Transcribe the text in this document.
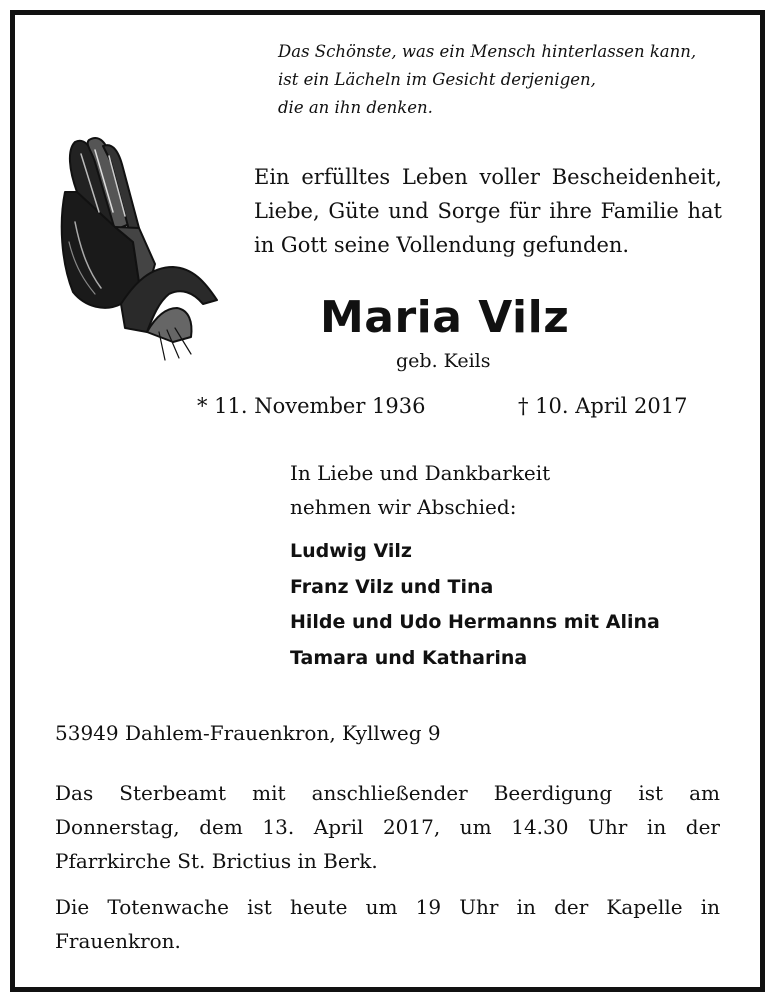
Das Schönste, was ein Mensch hinterlassen kann,
ist ein Lächeln im Gesicht derjenigen,
die an ihn denken.
Ein erfülltes Leben voller Bescheidenheit, Liebe, Güte und Sorge für ihre Familie hat in Gott seine Vollendung gefunden.
Maria Vilz
geb. Keils
* 11. November 1936	† 10. April 2017
In Liebe und Dankbarkeit
nehmen wir Abschied:
Ludwig Vilz
Franz Vilz und Tina
Hilde und Udo Hermanns mit Alina
Tamara und Katharina
53949 Dahlem-Frauenkron, Kyllweg 9

Das Sterbeamt mit anschließender Beerdigung ist am Donnerstag, dem 13. April 2017, um 14.30 Uhr in der Pfarrkirche St. Brictius in Berk.

Die Totenwache ist heute um 19 Uhr in der Kapelle in Frauenkron.
